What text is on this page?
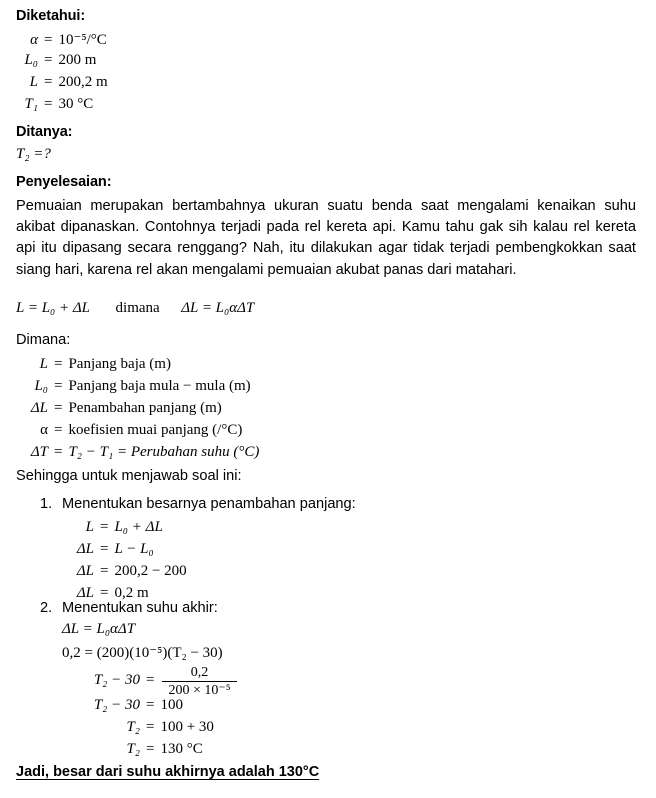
Diketahui:
α = 10⁻⁵/°C
L₀ = 200 m
L = 200,2 m
T₁ = 30 °C
Ditanya:
T₂ =?
Penyelesaian:
Pemuaian merupakan bertambahnya ukuran suatu benda saat mengalami kenaikan suhu akibat dipanaskan. Contohnya terjadi pada rel kereta api. Kamu tahu gak sih kalau rel kereta api itu dipasang secara renggang? Nah, itu dilakukan agar tidak terjadi pembengkokkan saat siang hari, karena rel akan mengalami pemuaian akubat panas dari matahari.
L = L₀ + ΔL dimana ΔL = L₀αΔT
Dimana:
L = Panjang baja (m)
L₀ = Panjang baja mula − mula (m)
ΔL = Penambahan panjang (m)
α = koefisien muai panjang (/°C)
ΔT = T₂ − T₁ = Perubahan suhu (°C)
Sehingga untuk menjawab soal ini:
1. Menentukan besarnya penambahan panjang:
L = L₀ + ΔL
ΔL = L − L₀
ΔL = 200,2 − 200
ΔL = 0,2 m
2. Menentukan suhu akhir:
ΔL = L₀αΔT
0,2 = (200)(10⁻⁵)(T₂ − 30)
$T_2 - 30 = \frac{0,2}{\text{200 × 10⁻⁵}}$
T₂ − 30 = 100
T₂ = 100 + 30
T₂ = 130 °C
Jadi, besar dari suhu akhirnya adalah 130°C
